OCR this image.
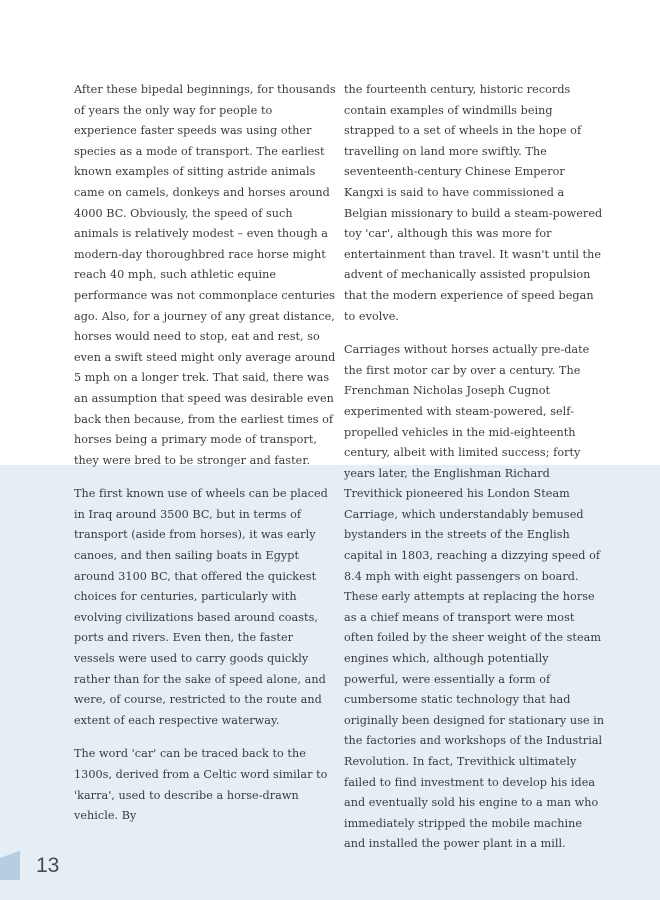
After these bipedal beginnings, for thousands of years the only way for people to experience faster speeds was using other species as a mode of transport. The earliest known examples of sitting astride animals came on camels, donkeys and horses around 4000 BC. Obviously, the speed of such animals is relatively modest – even though a modern-day thoroughbred race horse might reach 40 mph, such athletic equine performance was not commonplace centuries ago. Also, for a journey of any great distance, horses would need to stop, eat and rest, so even a swift steed might only average around 5 mph on a longer trek. That said, there was an assumption that speed was desirable even back then because, from the earliest times of horses being a primary mode of transport, they were bred to be stronger and faster.

The first known use of wheels can be placed in Iraq around 3500 BC, but in terms of transport (aside from horses), it was early canoes, and then sailing boats in Egypt around 3100 BC, that offered the quickest choices for centuries, particularly with evolving civilizations based around coasts, ports and rivers. Even then, the faster vessels were used to carry goods quickly rather than for the sake of speed alone, and were, of course, restricted to the route and extent of each respective waterway.

The word 'car' can be traced back to the 1300s, derived from a Celtic word similar to 'karra', used to describe a horse-drawn vehicle. By

the fourteenth century, historic records contain examples of windmills being strapped to a set of wheels in the hope of travelling on land more swiftly. The seventeenth-century Chinese Emperor Kangxi is said to have commissioned a Belgian missionary to build a steam-powered toy 'car', although this was more for entertainment than travel. It wasn't until the advent of mechanically assisted propulsion that the modern experience of speed began to evolve.

Carriages without horses actually pre-date the first motor car by over a century. The Frenchman Nicholas Joseph Cugnot experimented with steam-powered, self-propelled vehicles in the mid-eighteenth century, albeit with limited success; forty years later, the Englishman Richard Trevithick pioneered his London Steam Carriage, which understandably bemused bystanders in the streets of the English capital in 1803, reaching a dizzying speed of 8.4 mph with eight passengers on board. These early attempts at replacing the horse as a chief means of transport were most often foiled by the sheer weight of the steam engines which, although potentially powerful, were essentially a form of cumbersome static technology that had originally been designed for stationary use in the factories and workshops of the Industrial Revolution. In fact, Trevithick ultimately failed to find investment to develop his idea and eventually sold his engine to a man who immediately stripped the mobile machine and installed the power plant in a mill.

13
